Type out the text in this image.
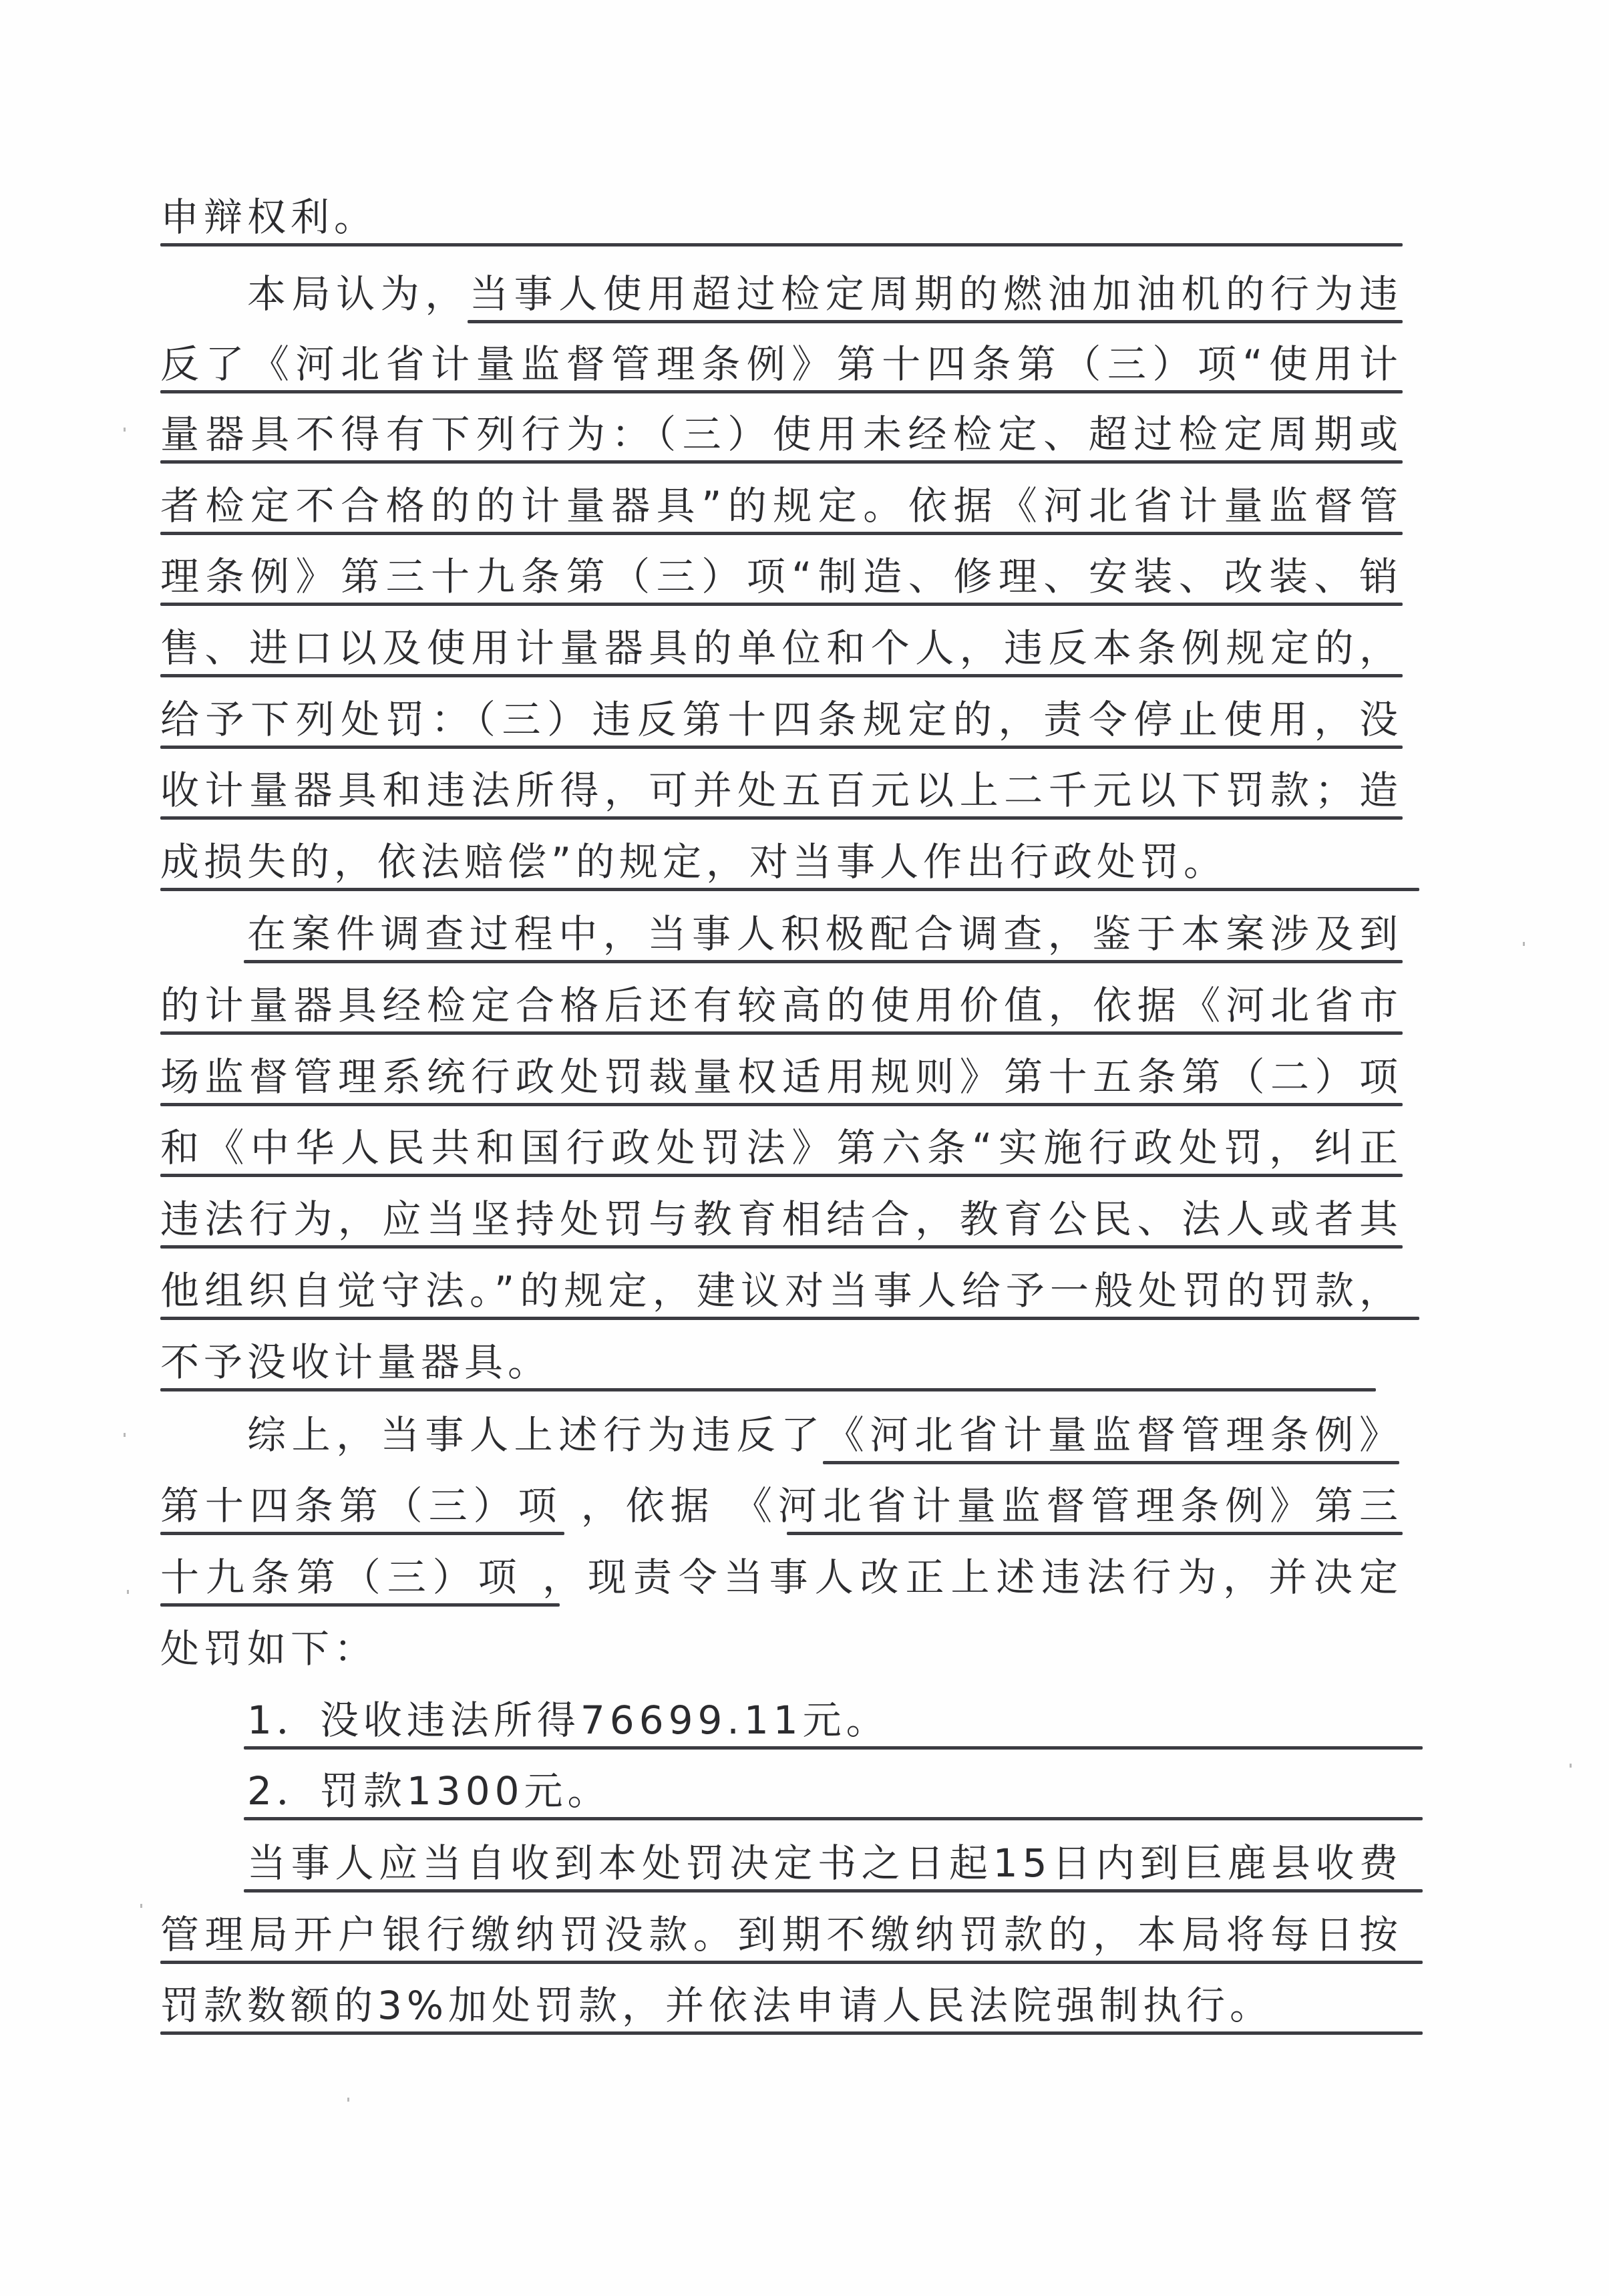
申辩权利。
本局认为，当事人使用超过检定周期的燃油加油机的行为违
反了《河北省计量监督管理条例》第十四条第（三）项“使用计
量器具不得有下列行为：（三）使用未经检定、超过检定周期或
者检定不合格的的计量器具”的规定。依据《河北省计量监督管
理条例》第三十九条第（三）项“制造、修理、安装、改装、销
售、进口以及使用计量器具的单位和个人，违反本条例规定的，
给予下列处罚：（三）违反第十四条规定的，责令停止使用，没
收计量器具和违法所得，可并处五百元以上二千元以下罚款；造
成损失的，依法赔偿”的规定，对当事人作出行政处罚。
在案件调查过程中，当事人积极配合调查，鉴于本案涉及到
的计量器具经检定合格后还有较高的使用价值，依据《河北省市
场监督管理系统行政处罚裁量权适用规则》第十五条第（二）项
和《中华人民共和国行政处罚法》第六条“实施行政处罚，纠正
违法行为，应当坚持处罚与教育相结合，教育公民、法人或者其
他组织自觉守法。”的规定，建议对当事人给予一般处罚的罚款，
不予没收计量器具。
综上，当事人上述行为违反了《河北省计量监督管理条例》
第十四条第（三）项 ，依据 《河北省计量监督管理条例》第三
十九条第（三）项 ，现责令当事人改正上述违法行为，并决定
处罚如下：
1．没收违法所得76699.11元。
2．罚款1300元。
当事人应当自收到本处罚决定书之日起15日内到巨鹿县收费
管理局开户银行缴纳罚没款。到期不缴纳罚款的，本局将每日按
罚款数额的3%加处罚款，并依法申请人民法院强制执行。
